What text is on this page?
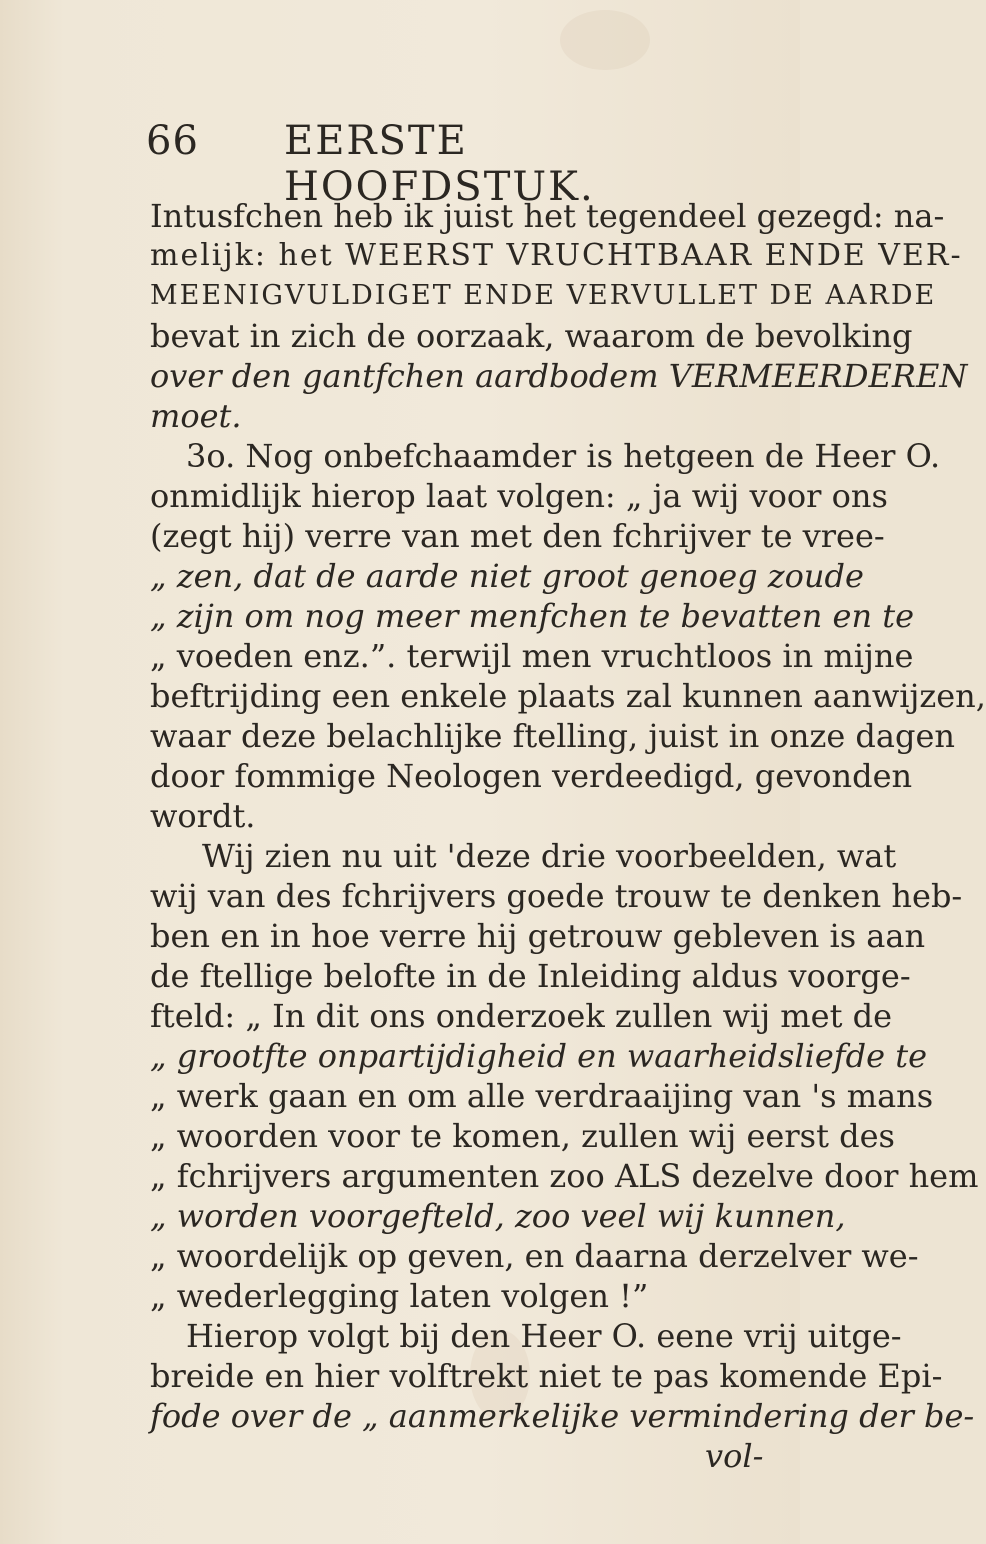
66 EERSTE HOOFDSTUK.
Intusfchen heb ik juist het tegendeel gezegd: na-
melijk: het WEERST VRUCHTBAAR ENDE VER-
MEENIGVULDIGET ENDE VERVULLET DE AARDE
bevat in zich de oorzaak, waarom de bevolking
over den gantfchen aardbodem VERMEERDEREN
moet.
3o. Nog onbefchaamder is hetgeen de Heer O.
onmidlijk hierop laat volgen: „ ja wij voor ons
(zegt hij) verre van met den fchrijver te vree-
„ zen, dat de aarde niet groot genoeg zoude
„ zijn om nog meer menfchen te bevatten en te
„ voeden enz.”. terwijl men vruchtloos in mijne
beftrijding een enkele plaats zal kunnen aanwijzen,
waar deze belachlijke ftelling, juist in onze dagen
door fommige Neologen verdeedigd, gevonden
wordt.
Wij zien nu uit 'deze drie voorbeelden, wat
wij van des fchrijvers goede trouw te denken heb-
ben en in hoe verre hij getrouw gebleven is aan
de ftellige belofte in de Inleiding aldus voorge-
fteld: „ In dit ons onderzoek zullen wij met de
„ grootfte onpartijdigheid en waarheidsliefde te
„ werk gaan en om alle verdraaijing van 's mans
„ woorden voor te komen, zullen wij eerst des
„ fchrijvers argumenten zoo ALS dezelve door hem
„ worden voorgefteld, zoo veel wij kunnen,
„ woordelijk op geven, en daarna derzelver we-
„ wederlegging laten volgen !”
Hierop volgt bij den Heer O. eene vrij uitge-
breide en hier volftrekt niet te pas komende Epi-
fode over de „ aanmerkelijke vermindering der be-
vol-
